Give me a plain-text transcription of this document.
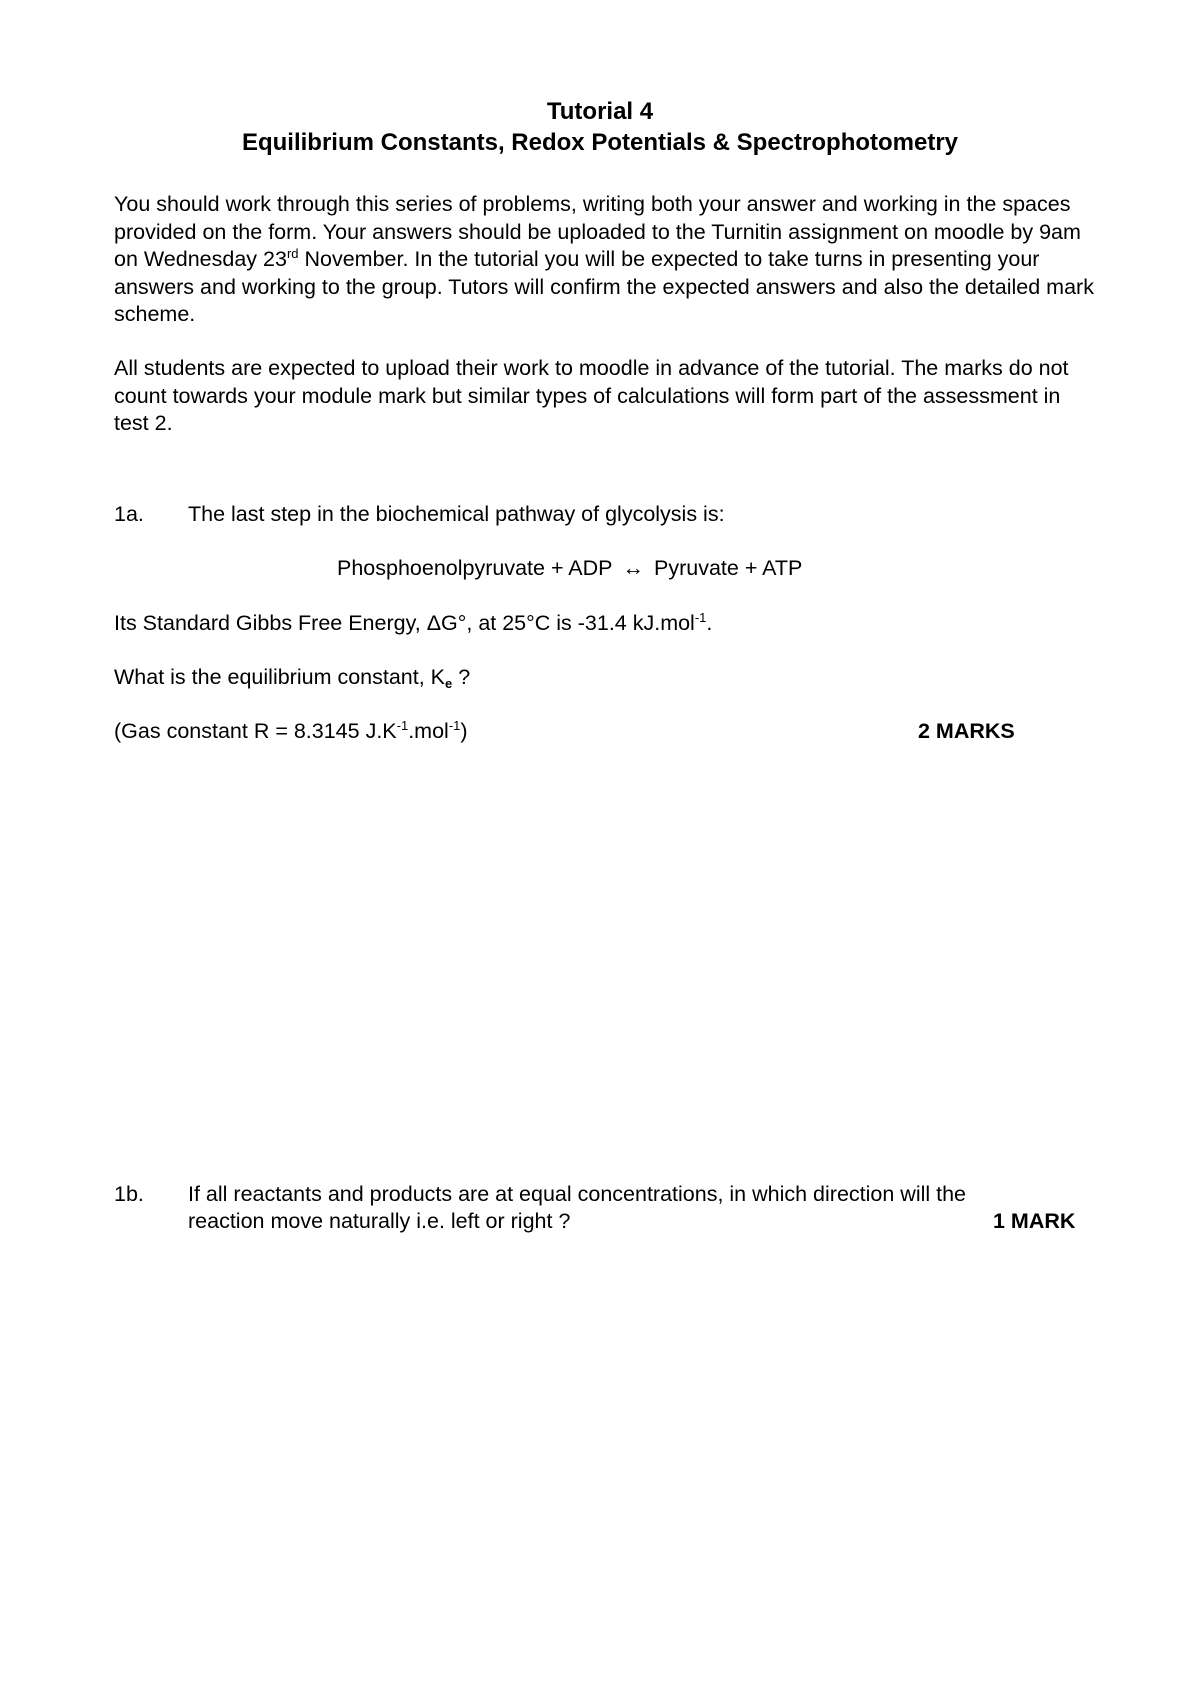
Tutorial 4
Equilibrium Constants, Redox Potentials & Spectrophotometry
You should work through this series of problems, writing both your answer and working in the spaces provided on the form. Your answers should be uploaded to the Turnitin assignment on moodle by 9am on Wednesday 23rd November. In the tutorial you will be expected to take turns in presenting your answers and working to the group. Tutors will confirm the expected answers and also the detailed mark scheme.
All students are expected to upload their work to moodle in advance of the tutorial. The marks do not count towards your module mark but similar types of calculations will form part of the assessment in test 2.
1a. The last step in the biochemical pathway of glycolysis is:
Phosphoenolpyruvate + ADP ↔ Pyruvate + ATP
Its Standard Gibbs Free Energy, ΔG°, at 25°C is -31.4 kJ.mol$^{-1}$.
What is the equilibrium constant, $K_e$ ?
(Gas constant R = 8.3145 $J.K^{-1}.mol^{-1}$)	2 MARKS
1b. If all reactants and products are at equal concentrations, in which direction will the
reaction move naturally i.e. left or right ?	1 MARK
